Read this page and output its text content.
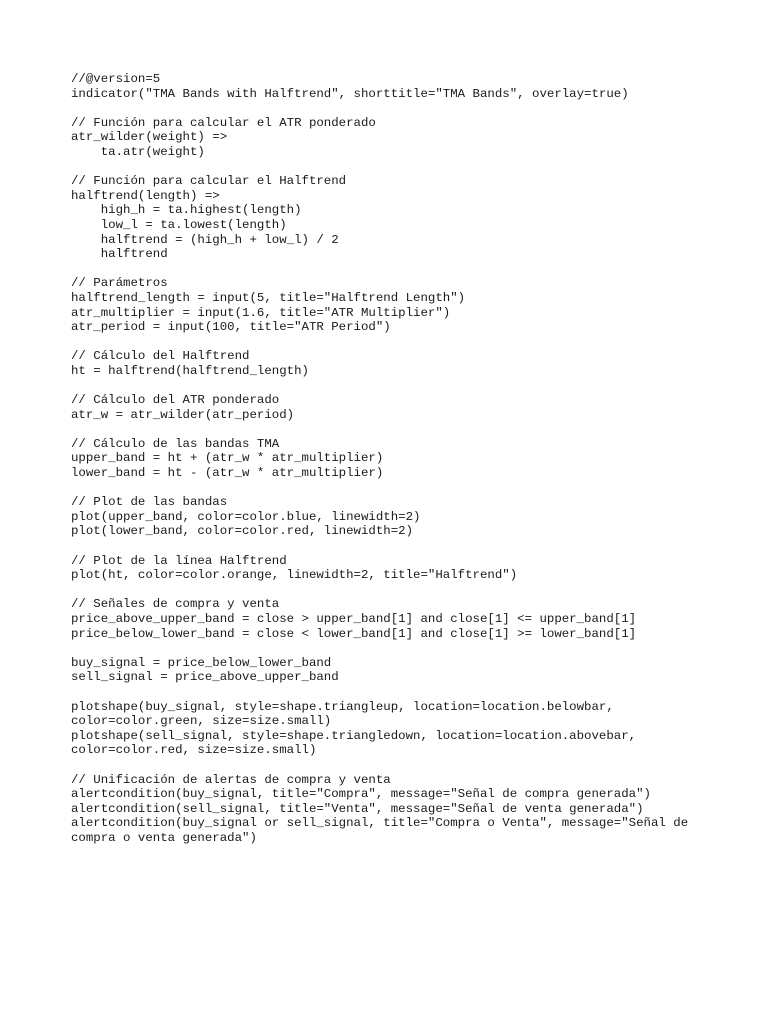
//@version=5
indicator("TMA Bands with Halftrend", shorttitle="TMA Bands", overlay=true)
// Función para calcular el ATR ponderado
atr_wilder(weight) =>
ta.atr(weight)
// Función para calcular el Halftrend
halftrend(length) =>
high_h = ta.highest(length)
low_l = ta.lowest(length)
halftrend = (high_h + low_l) / 2
halftrend
// Parámetros
halftrend_length = input(5, title="Halftrend Length")
atr_multiplier = input(1.6, title="ATR Multiplier")
atr_period = input(100, title="ATR Period")
// Cálculo del Halftrend
ht = halftrend(halftrend_length)
// Cálculo del ATR ponderado
atr_w = atr_wilder(atr_period)
// Cálculo de las bandas TMA
upper_band = ht + (atr_w * atr_multiplier)
lower_band = ht - (atr_w * atr_multiplier)
// Plot de las bandas
plot(upper_band, color=color.blue, linewidth=2)
plot(lower_band, color=color.red, linewidth=2)
// Plot de la línea Halftrend
plot(ht, color=color.orange, linewidth=2, title="Halftrend")
// Señales de compra y venta
price_above_upper_band = close > upper_band[1] and close[1] <= upper_band[1]
price_below_lower_band = close < lower_band[1] and close[1] >= lower_band[1]
buy_signal = price_below_lower_band
sell_signal = price_above_upper_band
plotshape(buy_signal, style=shape.triangleup, location=location.belowbar,
color=color.green, size=size.small)
plotshape(sell_signal, style=shape.triangledown, location=location.abovebar,
color=color.red, size=size.small)
// Unificación de alertas de compra y venta
alertcondition(buy_signal, title="Compra", message="Señal de compra generada")
alertcondition(sell_signal, title="Venta", message="Señal de venta generada")
alertcondition(buy_signal or sell_signal, title="Compra o Venta", message="Señal de
compra o venta generada")
